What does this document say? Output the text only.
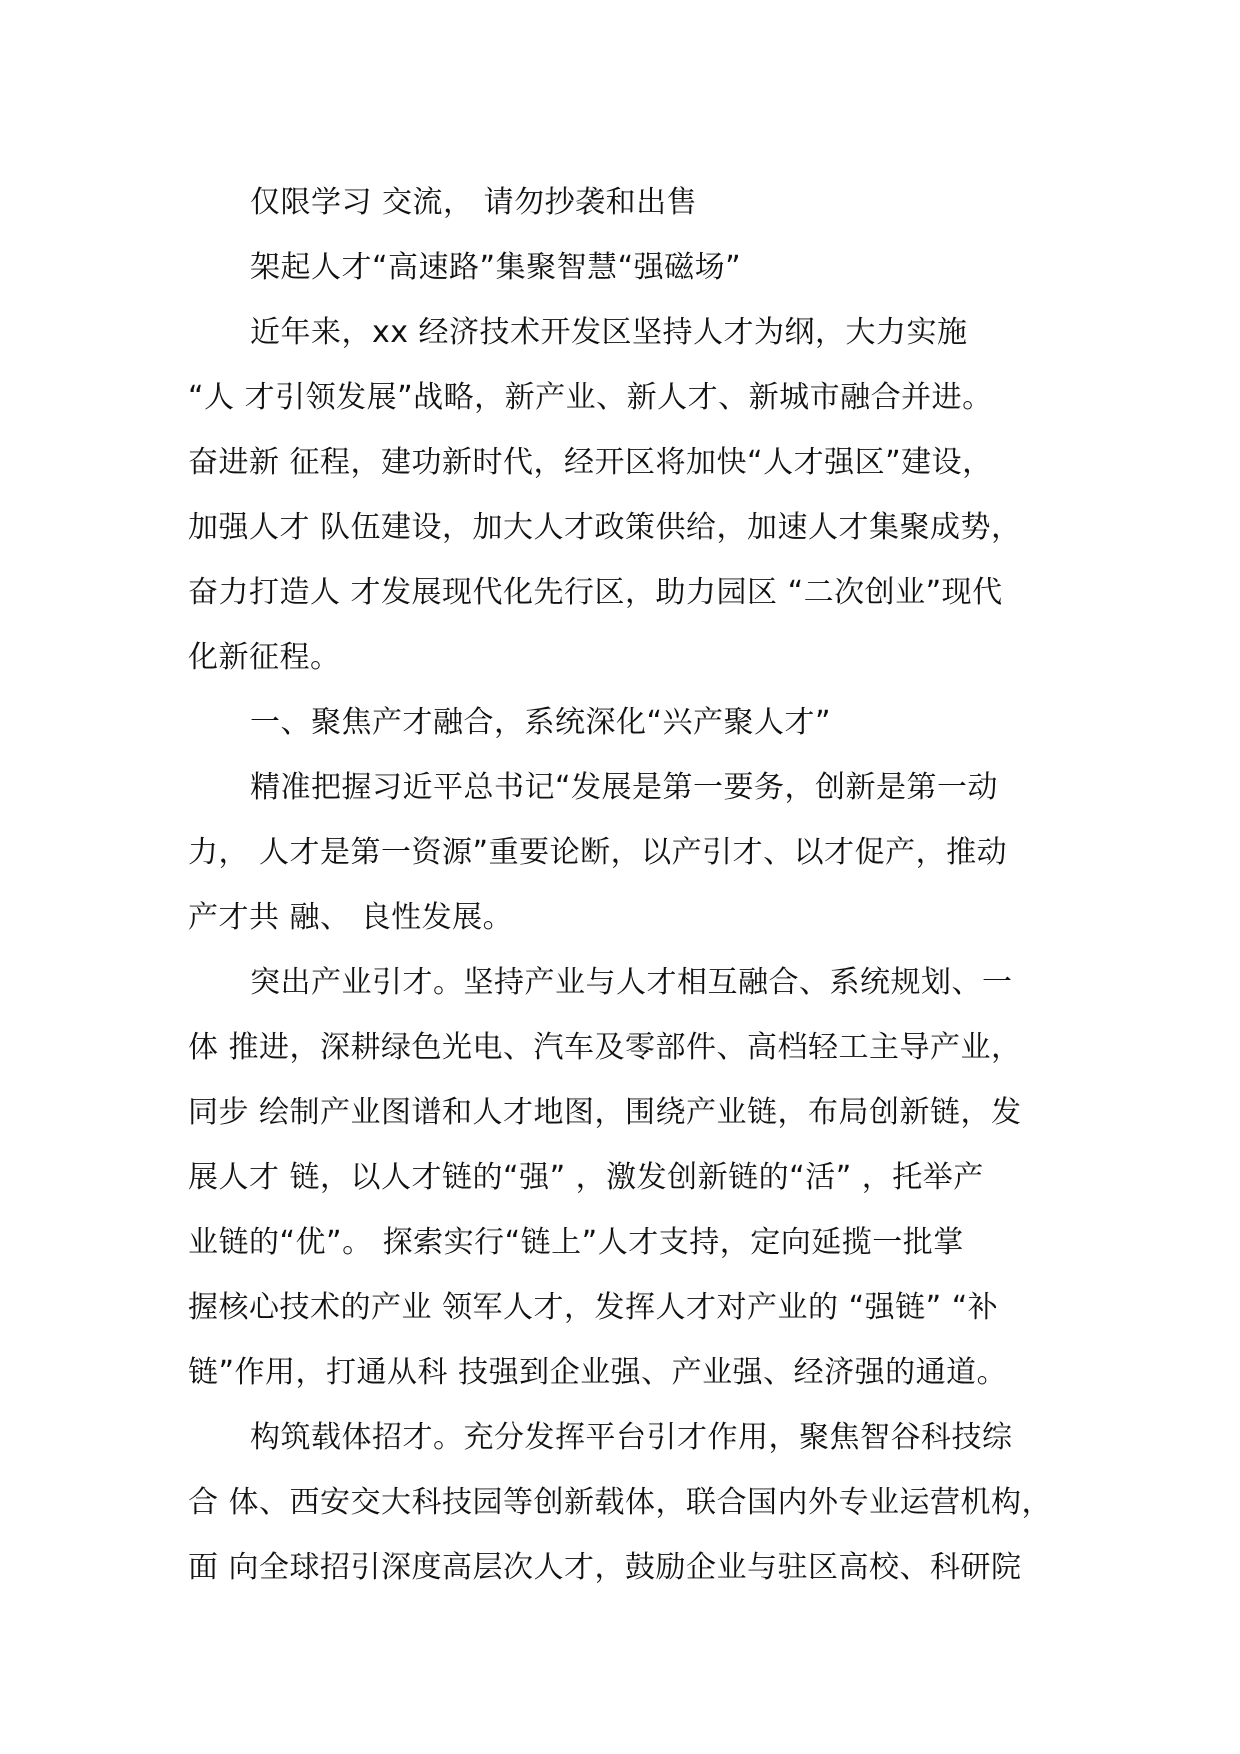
仅限学习 交流， 请勿抄袭和出售
架起人才“高速路”集聚智慧“强磁场”
近年来，xx 经济技术开发区坚持人才为纲，大力实施
“人 才引领发展”战略，新产业、新人才、新城市融合并进。
奋进新 征程，建功新时代，经开区将加快“人才强区”建设，
加强人才 队伍建设，加大人才政策供给，加速人才集聚成势，
奋力打造人 才发展现代化先行区，助力园区 “二次创业”现代
化新征程。
一、聚焦产才融合，系统深化“兴产聚人才”
精准把握习近平总书记“发展是第一要务，创新是第一动
力， 人才是第一资源”重要论断，以产引才、以才促产，推动
产才共 融、 良性发展。
突出产业引才。坚持产业与人才相互融合、系统规划、一
体 推进，深耕绿色光电、汽车及零部件、高档轻工主导产业，
同步 绘制产业图谱和人才地图，围绕产业链，布局创新链，发
展人才 链，以人才链的“强” ，激发创新链的“活” ，托举产
业链的“优”。 探索实行“链上”人才支持，定向延揽一批掌
握核心技术的产业 领军人才，发挥人才对产业的 “强链” “补
链”作用，打通从科 技强到企业强、产业强、经济强的通道。
构筑载体招才。充分发挥平台引才作用，聚焦智谷科技综
合 体、西安交大科技园等创新载体，联合国内外专业运营机构，
面 向全球招引深度高层次人才，鼓励企业与驻区高校、科研院
